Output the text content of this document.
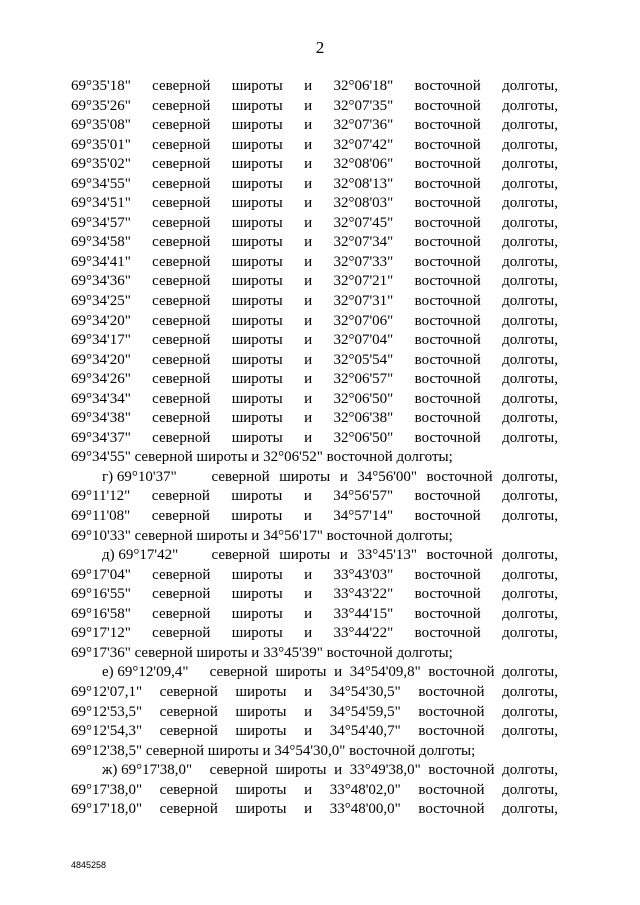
2
69°35'18" северной широты и 32°06'18" восточной долготы,
69°35'26" северной широты и 32°07'35" восточной долготы,
69°35'08" северной широты и 32°07'36" восточной долготы,
69°35'01" северной широты и 32°07'42" восточной долготы,
69°35'02" северной широты и 32°08'06" восточной долготы,
69°34'55" северной широты и 32°08'13" восточной долготы,
69°34'51" северной широты и 32°08'03" восточной долготы,
69°34'57" северной широты и 32°07'45" восточной долготы,
69°34'58" северной широты и 32°07'34" восточной долготы,
69°34'41" северной широты и 32°07'33" восточной долготы,
69°34'36" северной широты и 32°07'21" восточной долготы,
69°34'25" северной широты и 32°07'31" восточной долготы,
69°34'20" северной широты и 32°07'06" восточной долготы,
69°34'17" северной широты и 32°07'04" восточной долготы,
69°34'20" северной широты и 32°05'54" восточной долготы,
69°34'26" северной широты и 32°06'57" восточной долготы,
69°34'34" северной широты и 32°06'50" восточной долготы,
69°34'38" северной широты и 32°06'38" восточной долготы,
69°34'37" северной широты и 32°06'50" восточной долготы,
69°34'55" северной широты и 32°06'52" восточной долготы;
г) 69°10'37"	северной широты и 34°56'00" восточной долготы,
69°11'12" северной широты и 34°56'57" восточной долготы,
69°11'08" северной широты и 34°57'14" восточной долготы,
69°10'33" северной широты и 34°56'17" восточной долготы;
д) 69°17'42"	северной широты и 33°45'13" восточной долготы,
69°17'04" северной широты и 33°43'03" восточной долготы,
69°16'55" северной широты и 33°43'22" восточной долготы,
69°16'58" северной широты и 33°44'15" восточной долготы,
69°17'12" северной широты и 33°44'22" восточной долготы,
69°17'36" северной широты и 33°45'39" восточной долготы;
е) 69°12'09,4"	северной широты и 34°54'09,8" восточной долготы,
69°12'07,1" северной широты и 34°54'30,5" восточной долготы,
69°12'53,5" северной широты и 34°54'59,5" восточной долготы,
69°12'54,3" северной широты и 34°54'40,7" восточной долготы,
69°12'38,5" северной широты и 34°54'30,0" восточной долготы;
ж) 69°17'38,0"	северной широты и 33°49'38,0" восточной долготы,
69°17'38,0" северной широты и 33°48'02,0" восточной долготы,
69°17'18,0" северной широты и 33°48'00,0" восточной долготы,
4845258
